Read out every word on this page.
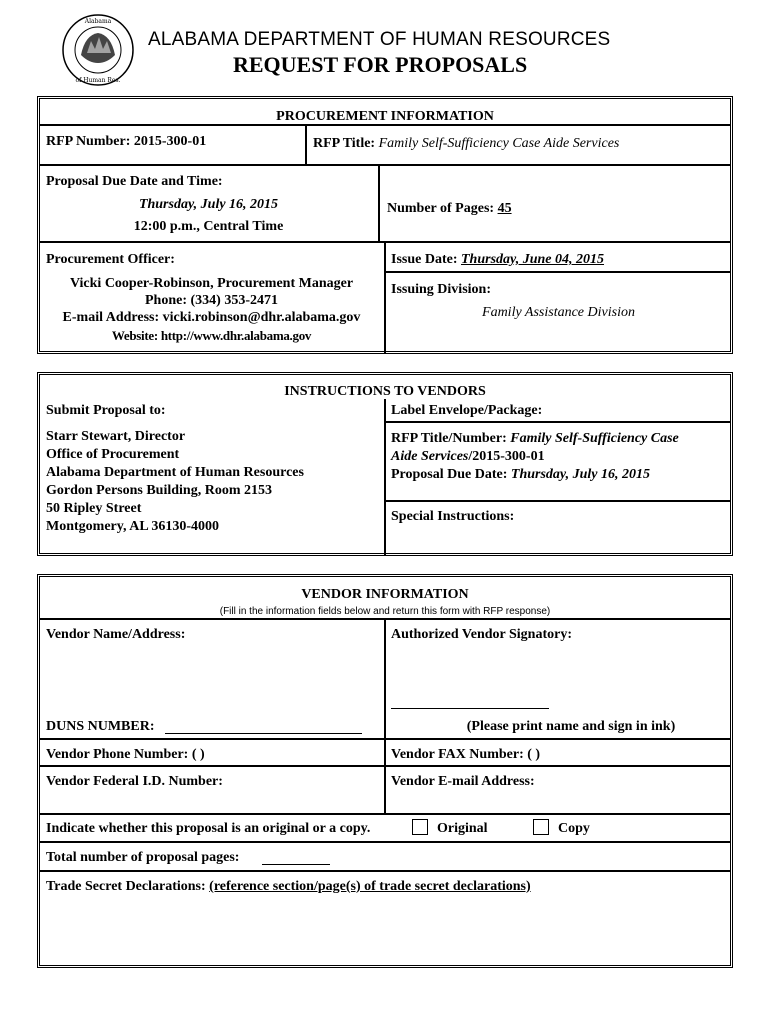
Alabama
of Human Res.
ALABAMA DEPARTMENT OF HUMAN RESOURCES
REQUEST FOR PROPOSALS
PROCUREMENT INFORMATION
RFP Number: 2015-300-01	RFP Title: Family Self-Sufficiency Case Aide Services
Proposal Due Date and Time:
Thursday, July 16, 2015
12:00 p.m., Central Time
Number of Pages: 45
Procurement Officer:
Vicki Cooper-Robinson, Procurement Manager
Phone: (334) 353-2471
E-mail Address: vicki.robinson@dhr.alabama.gov
Website: http://www.dhr.alabama.gov
Issue Date: Thursday, June 04, 2015
Issuing Division:
Family Assistance Division
INSTRUCTIONS TO VENDORS
Submit Proposal to:
Starr Stewart, Director
Office of Procurement
Alabama Department of Human Resources
Gordon Persons Building, Room 2153
50 Ripley Street
Montgomery, AL 36130-4000
Label Envelope/Package:
RFP Title/Number: Family Self-Sufficiency Case
Aide Services/2015-300-01
Proposal Due Date: Thursday, July 16, 2015
Special Instructions:
VENDOR INFORMATION
(Fill in the information fields below and return this form with RFP response)
Vendor Name/Address:	Authorized Vendor Signatory:
DUNS NUMBER:	(Please print name and sign in ink)
Vendor Phone Number: ( )	Vendor FAX Number: ( )
Vendor Federal I.D. Number:	Vendor E-mail Address:
Indicate whether this proposal is an original or a copy.	Original	Copy
Total number of proposal pages:
Trade Secret Declarations: (reference section/page(s) of trade secret declarations)
